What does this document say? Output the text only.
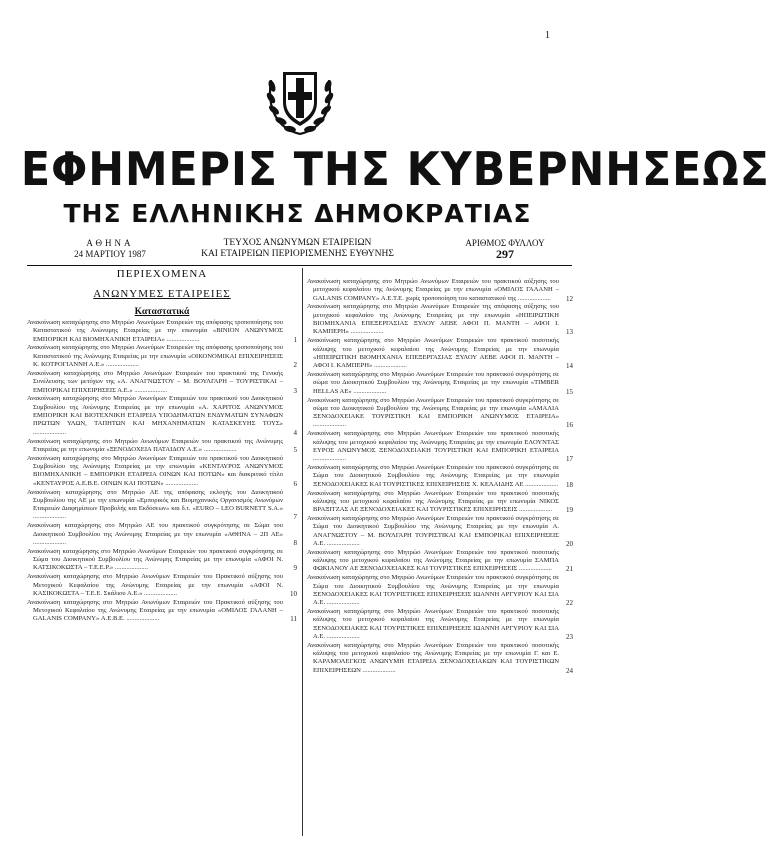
1
ΕΦΗΜΕΡΙΣ ΤΗΣ ΚΥΒΕΡΝΗΣΕΩΣ
ΤΗΣ ΕΛΛΗΝΙΚΗΣ ΔΗΜΟΚΡΑΤΙΑΣ
ΑΘΗΝΑ
24 ΜΑΡΤΙΟΥ 1987
ΤΕΥΧΟΣ ΑΝΩΝΥΜΩΝ ΕΤΑΙΡΕΙΩΝ
ΚΑΙ ΕΤΑΙΡΕΙΩΝ ΠΕΡΙΟΡΙΣΜΕΝΗΣ ΕΥΘΥΝΗΣ
ΑΡΙΘΜΟΣ ΦΥΛΛΟΥ
297
ΠΕΡΙΕΧΟΜΕΝΑ
ΑΝΩΝΥΜΕΣ ΕΤΑΙΡΕΙΕΣ
Καταστατικά
Ανακοίνωση καταχώρησης στο Μητρώο Ανωνύμων Εταιρειών της απόφασης τροποποίησης του Καταστατικού της Ανώνυμης Εταιρείας με την επωνυμία «ΒΙΝΙΟΝ ΑΝΩΝΥΜΟΣ ΕΜΠΟΡΙΚΗ ΚΑΙ ΒΙΟΜΗΧΑΝΙΚΗ ΕΤΑΙΡΕΙΑ» ....................	1
Ανακοίνωση καταχώρησης στο Μητρώο Ανωνύμων Εταιρειών της απόφασης τροποποίησης του Καταστατικού της Ανώνυμης Εταιρείας με την επωνυμία «ΟΙΚΟΝΟΜΙΚΑΙ ΕΠΙΧΕΙΡΗΣΕΙΣ Κ. ΚΟΤΡΟΓΙΑΝΝΗ Α.Ε.» ....................	2
Ανακοίνωση καταχώρησης στο Μητρώο Ανωνύμων Εταιρειών του πρακτικού της Γενικής Συνέλευσης των μετόχων της «Α. ΑΝΑΓΝΩΣΤΟΥ – Μ. ΒΟΥΛΓΑΡΗ – ΤΟΥΡΙΣΤΙΚΑΙ – ΕΜΠΟΡΙΚΑΙ ΕΠΙΧΕΙΡΗΣΕΙΣ Α.Ε.» ....................	3
Ανακοίνωση καταχώρησης στο Μητρώο Ανωνύμων Εταιρειών του πρακτικού του Διοικητικού Συμβουλίου της Ανώνυμης Εταιρείας με την επωνυμία «Α. ΧΑΡΙΤΟΣ ΑΝΩΝΥΜΟΣ ΕΜΠΟΡΙΚΗ ΚΑΙ ΒΙΟΤΕΧΝΙΚΗ ΕΤΑΙΡΕΙΑ ΥΠΟΔΗΜΑΤΩΝ ΕΝΔΥΜΑΤΩΝ ΣΥΝΑΦΩΝ ΠΡΩΤΩΝ ΥΛΩΝ, ΤΑΠΗΤΩΝ ΚΑΙ ΜΗΧΑΝΗΜΑΤΩΝ ΚΑΤΑΣΚΕΥΗΣ ΤΟΥΣ» ....................	4
Ανακοίνωση καταχώρησης στο Μητρώο Ανωνύμων Εταιρειών του πρακτικού της Ανώνυμης Εταιρείας με την επωνυμία «ΞΕΝΟΔΟΧΕΙΑ ΠΑΤΑΙΔΟΥ Α.Ε.» ....................	5
Ανακοίνωση καταχώρησης στο Μητρώο Ανωνύμων Εταιρειών του πρακτικού του Διοικητικού Συμβουλίου της Ανώνυμης Εταιρείας με την επωνυμία «ΚΕΝΤΑΥΡΟΣ ΑΝΩΝΥΜΟΣ ΒΙΟΜΗΧΑΝΙΚΗ – ΕΜΠΟΡΙΚΗ ΕΤΑΙΡΕΙΑ ΟΙΝΩΝ ΚΑΙ ΠΟΤΩΝ» και διακριτικό τίτλο «ΚΕΝΤΑΥΡΟΣ Α.Ε.Β.Ε. ΟΙΝΩΝ ΚΑΙ ΠΟΤΩΝ» ....................	6
Ανακοίνωση καταχώρησης στο Μητρώο ΑΕ της απόφασης εκλογής του Διοικητικού Συμβουλίου της ΑΕ με την επωνυμία «Εμπορικός και Βιομηχανικός Οργανισμός Ανωνύμων Εταιρειών Διαφημίσεων Προβολής και Εκδόσεων» και δ.τ. «EURO – LEO BURNETT S.A.» ....................	7
Ανακοίνωση καταχώρησης στο Μητρώο ΑΕ του πρακτικού συγκρότησης σε Σώμα του Διοικητικού Συμβουλίου της Ανώνυμης Εταιρείας με την επωνυμία «ΑΘΗΝΑ – 2Π ΑΕ» ....................	8
Ανακοίνωση καταχώρησης στο Μητρώο Ανωνύμων Εταιρειών του πρακτικού συγκρότησης σε Σώμα του Διοικητικού Συμβουλίου της Ανώνυμης Εταιρείας με την επωνυμία «ΑΦΟΙ Ν. ΚΑΤΣΙΚΟΚΩΣΤΑ – Τ.Ε.Ε.Ρ.» ....................	9
Ανακοίνωση καταχώρησης στο Μητρώο Ανωνύμων Εταιρειών του Πρακτικού αύξησης του Μετοχικού Κεφαλαίου της Ανώνυμης Εταιρείας με την επωνυμία «ΑΦΟΙ Ν. ΚΑΣΙΚΟΚΩΣΤΑ – Τ.Ε.Ε. Σκάλιου Α.Ε.» ....................	10
Ανακοίνωση καταχώρησης στο Μητρώο Ανωνύμων Εταιρειών του Πρακτικού αύξησης του Μετοχικού Κεφαλαίου της Ανώνυμης Εταιρείας με την επωνυμία «ΟΜΙΛΟΣ ΓΑΛΑΝΗ – GALANIS COMPANY» Α.Ε.Β.Ε. ....................	11
Ανακοίνωση καταχώρησης στο Μητρώο Ανωνύμων Εταιρειών του πρακτικού αύξησης του μετοχικού κεφαλαίου της Ανώνυμης Εταιρείας με την επωνυμία «ΟΜΙΛΟΣ ΓΑΛΑΝΗ – GALANIS COMPANY» Α.Ε.Τ.Ε. χωρίς τροποποίηση του καταστατικού της .................... 12
Ανακοίνωση καταχώρησης στο Μητρώο Ανωνύμων Εταιρειών της απόφασης αύξησης του μετοχικού κεφαλαίου της Ανώνυμης Εταιρείας με την επωνυμία «ΗΠΕΙΡΩΤΙΚΗ ΒΙΟΜΗΧΑΝΙΑ ΕΠΕΞΕΡΓΑΣΙΑΣ ΞΥΛΟΥ ΑΕΒΕ ΑΦΟΙ Π. ΜΑΝΤΗ – ΑΦΟΙ Ι. ΚΑΜΠΕΡΗ» ....................	13
Ανακοίνωση καταχώρησης στο Μητρώο Ανωνύμων Εταιρειών του πρακτικού ποσοτικής κάλυψης του μετοχικού κεφαλαίου της Ανώνυμης Εταιρείας με την επωνυμία «ΗΠΕΙΡΩΤΙΚΗ ΒΙΟΜΗΧΑΝΙΑ ΕΠΕΞΕΡΓΑΣΙΑΣ ΞΥΛΟΥ ΑΕΒΕ ΑΦΟΙ Π. ΜΑΝΤΗ – ΑΦΟΙ Ι. ΚΑΜΠΕΡΗ» ....................	14
Ανακοίνωση καταχώρησης στο Μητρώο Ανωνύμων Εταιρειών του πρακτικού συγκρότησης σε σώμα του Διοικητικού Συμβουλίου της Ανώνυμης Εταιρείας με την επωνυμία «TIMBER HELLAS AE» ....................	15
Ανακοίνωση καταχώρησης στο Μητρώο Ανωνύμων Εταιρειών του πρακτικού συγκρότησης σε σώμα του Διοικητικού Συμβουλίου της Ανώνυμης Εταιρείας με την επωνυμία «ΑΜΑΛΙΑ ΞΕΝΟΔΟΧΕΙΑΚΕ ΤΟΥΡΙΣΤΙΚΗ ΚΑΙ ΕΜΠΟΡΙΚΗ ΑΝΩΝΥΜΟΣ ΕΤΑΙΡΕΙΑ» ....................	16
Ανακοίνωση καταχώρησης στο Μητρώο Ανωνύμων Εταιρειών του πρακτικού ποσοτικής κάλυψης του μετοχικού κεφαλαίου της Ανώνυμης Εταιρείας με την επωνυμία ΕΛΟΥΝΤΑΣ ΕΥΡΟΣ ΑΝΩΝΥΜΟΣ ΞΕΝΟΔΟΧΕΙΑΚΗ ΤΟΥΡΙΣΤΙΚΗ ΚΑΙ ΕΜΠΟΡΙΚΗ ΕΤΑΙΡΕΙΑ ....................	17
Ανακοίνωση καταχώρησης στο Μητρώο Ανωνύμων Εταιρειών του πρακτικού συγκρότησης σε Σώμα του Διοικητικού Συμβουλίου της Ανώνυμης Εταιρείας με την επωνυμία ΞΕΝΟΔΟΧΕΙΑΚΕΣ ΚΑΙ ΤΟΥΡΙΣΤΙΚΕΣ ΕΠΙΧΕΙΡΗΣΕΙΣ Χ. ΚΕΛΑΙΔΗΣ ΑΕ .................... 18
Ανακοίνωση καταχώρησης στο Μητρώο Ανωνύμων Εταιρειών του πρακτικού ποσοτικής κάλυψης του μετοχικού κεφαλαίου της Ανώνυμης Εταιρείας με την επωνυμία ΝΙΚΟΣ ΒΡΑΞΙΤΖΑΣ ΑΕ ΞΕΝΟΔΟΧΕΙΑΚΕΣ ΚΑΙ ΤΟΥΡΙΣΤΙΚΕΣ ΕΠΙΧΕΙΡΗΣΕΙΣ .................... 19
Ανακοίνωση καταχώρησης στο Μητρώο Ανωνύμων Εταιρειών του πρακτικού συγκρότησης σε Σώμα του Διοικητικού Συμβουλίου της Ανώνυμης Εταιρείας με την επωνυμία Α. ΑΝΑΓΝΩΣΤΟΥ – Μ. ΒΟΥΛΓΑΡΗ ΤΟΥΡΙΣΤΙΚΑΙ ΚΑΙ ΕΜΠΟΡΙΚΑΙ ΕΠΙΧΕΙΡΗΣΕΙΣ Α.Ε. ....................	20
Ανακοίνωση καταχώρησης στο Μητρώο Ανωνύμων Εταιρειών του πρακτικού ποσοτικής κάλυψης του μετοχικού κεφαλαίου της Ανώνυμης Εταιρείας με την επωνυμία ΣΑΜΠΑ ΦΩΚΙΑΝΟΥ ΑΕ ΞΕΝΟΔΟΧΕΙΑΚΕΣ ΚΑΙ ΤΟΥΡΙΣΤΙΚΕΣ ΕΠΙΧΕΙΡΗΣΕΙΣ .................... 21
Ανακοίνωση καταχώρησης στο Μητρώο Ανωνύμων Εταιρειών του πρακτικού συγκρότησης σε Σώμα του Διοικητικού Συμβουλίου της Ανώνυμης Εταιρείας με την επωνυμία ΞΕΝΟΔΟΧΕΙΑΚΕΣ ΚΑΙ ΤΟΥΡΙΣΤΙΚΕΣ ΕΠΙΧΕΙΡΗΣΕΙΣ ΙΩΑΝΝΗ ΑΡΓΥΡΙΟΥ ΚΑΙ ΣΙΑ Α.Ε. ....................	22
Ανακοίνωση καταχώρησης στο Μητρώο Ανωνύμων Εταιρειών του πρακτικού ποσοτικής κάλυψης του μετοχικού κεφαλαίου της Ανώνυμης Εταιρείας με την επωνυμία ΞΕΝΟΔΟΧΕΙΑΚΕΣ ΚΑΙ ΤΟΥΡΙΣΤΙΚΕΣ ΕΠΙΧΕΙΡΗΣΕΙΣ ΙΩΑΝΝΗ ΑΡΓΥΡΙΟΥ ΚΑΙ ΣΙΑ Α.Ε. ....................	23
Ανακοίνωση καταχώρησης στο Μητρώο Ανωνύμων Εταιρειών του πρακτικού ποσοτικής κάλυψης του μετοχικού κεφαλαίου της Ανώνυμης Εταιρείας με την επωνυμία Γ. και Ε. ΚΑΡΑΜΟΛΕΓΚΟΣ ΑΝΩΝΥΜΗ ΕΤΑΙΡΕΙΑ ΞΕΝΟΔΟΧΕΙΑΚΩΝ ΚΑΙ ΤΟΥΡΙΣΤΙΚΩΝ ΕΠΙΧΕΙΡΗΣΕΩΝ ....................	24
